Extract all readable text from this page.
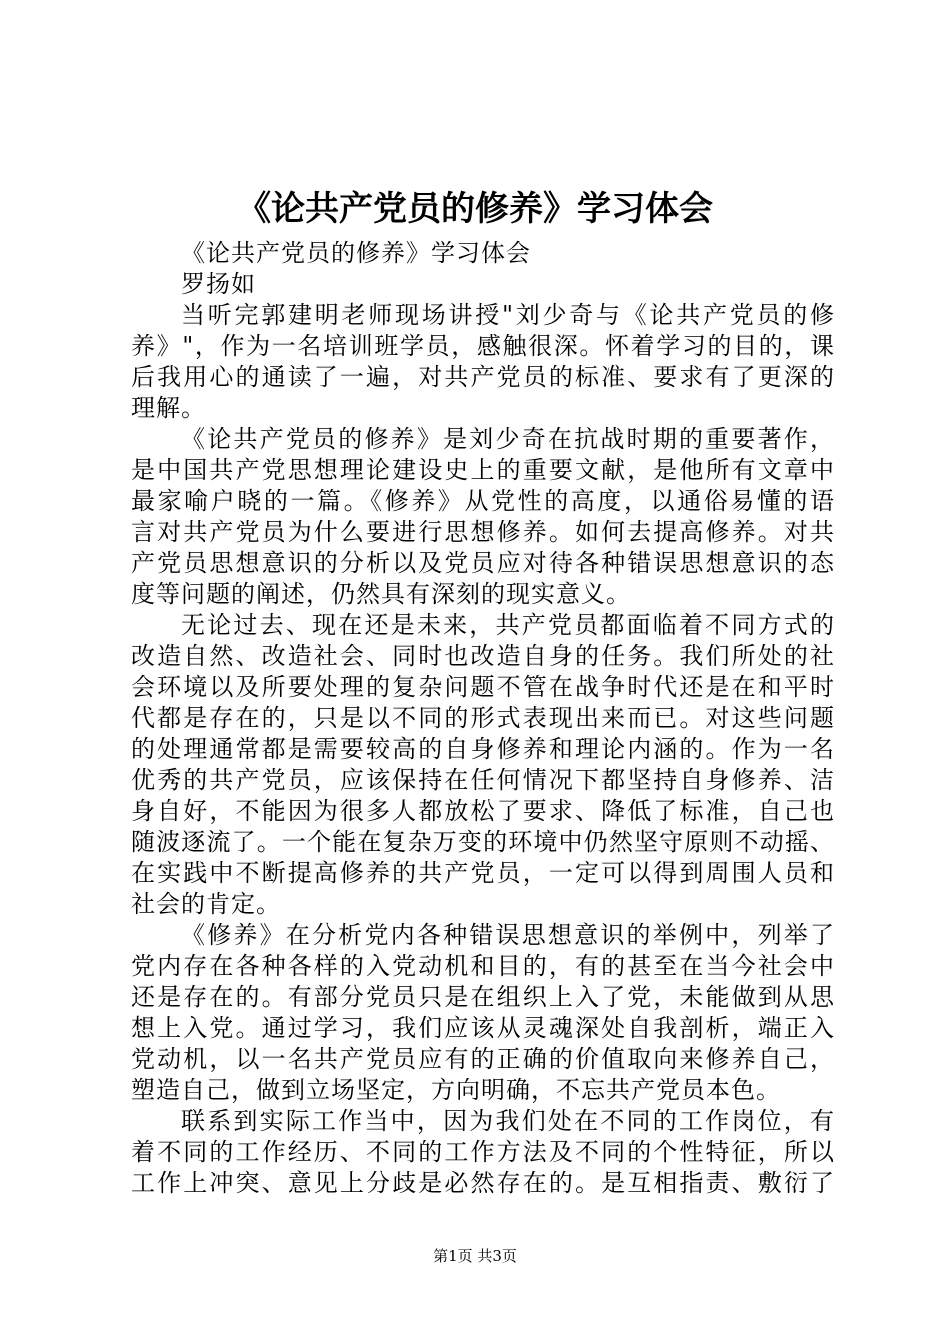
《论共产党员的修养》学习体会

《论共产党员的修养》学习体会

罗扬如

当听完郭建明老师现场讲授"刘少奇与《论共产党员的修

养》"，作为一名培训班学员，感触很深。怀着学习的目的，课

后我用心的通读了一遍，对共产党员的标准、要求有了更深的

理解。

《论共产党员的修养》是刘少奇在抗战时期的重要著作，

是中国共产党思想理论建设史上的重要文献，是他所有文章中

最家喻户晓的一篇。《修养》从党性的高度，以通俗易懂的语

言对共产党员为什么要进行思想修养。如何去提高修养。对共

产党员思想意识的分析以及党员应对待各种错误思想意识的态

度等问题的阐述，仍然具有深刻的现实意义。

无论过去、现在还是未来，共产党员都面临着不同方式的

改造自然、改造社会、同时也改造自身的任务。我们所处的社

会环境以及所要处理的复杂问题不管在战争时代还是在和平时

代都是存在的，只是以不同的形式表现出来而已。对这些问题

的处理通常都是需要较高的自身修养和理论内涵的。作为一名

优秀的共产党员，应该保持在任何情况下都坚持自身修养、洁

身自好，不能因为很多人都放松了要求、降低了标准，自己也

随波逐流了。一个能在复杂万变的环境中仍然坚守原则不动摇、

在实践中不断提高修养的共产党员，一定可以得到周围人员和

社会的肯定。

《修养》在分析党内各种错误思想意识的举例中，列举了

党内存在各种各样的入党动机和目的，有的甚至在当今社会中

还是存在的。有部分党员只是在组织上入了党，未能做到从思

想上入党。通过学习，我们应该从灵魂深处自我剖析，端正入

党动机，以一名共产党员应有的正确的价值取向来修养自己，

塑造自己，做到立场坚定，方向明确，不忘共产党员本色。

联系到实际工作当中，因为我们处在不同的工作岗位，有

着不同的工作经历、不同的工作方法及不同的个性特征，所以

工作上冲突、意见上分歧是必然存在的。是互相指责、敷衍了

第1页 共3页
